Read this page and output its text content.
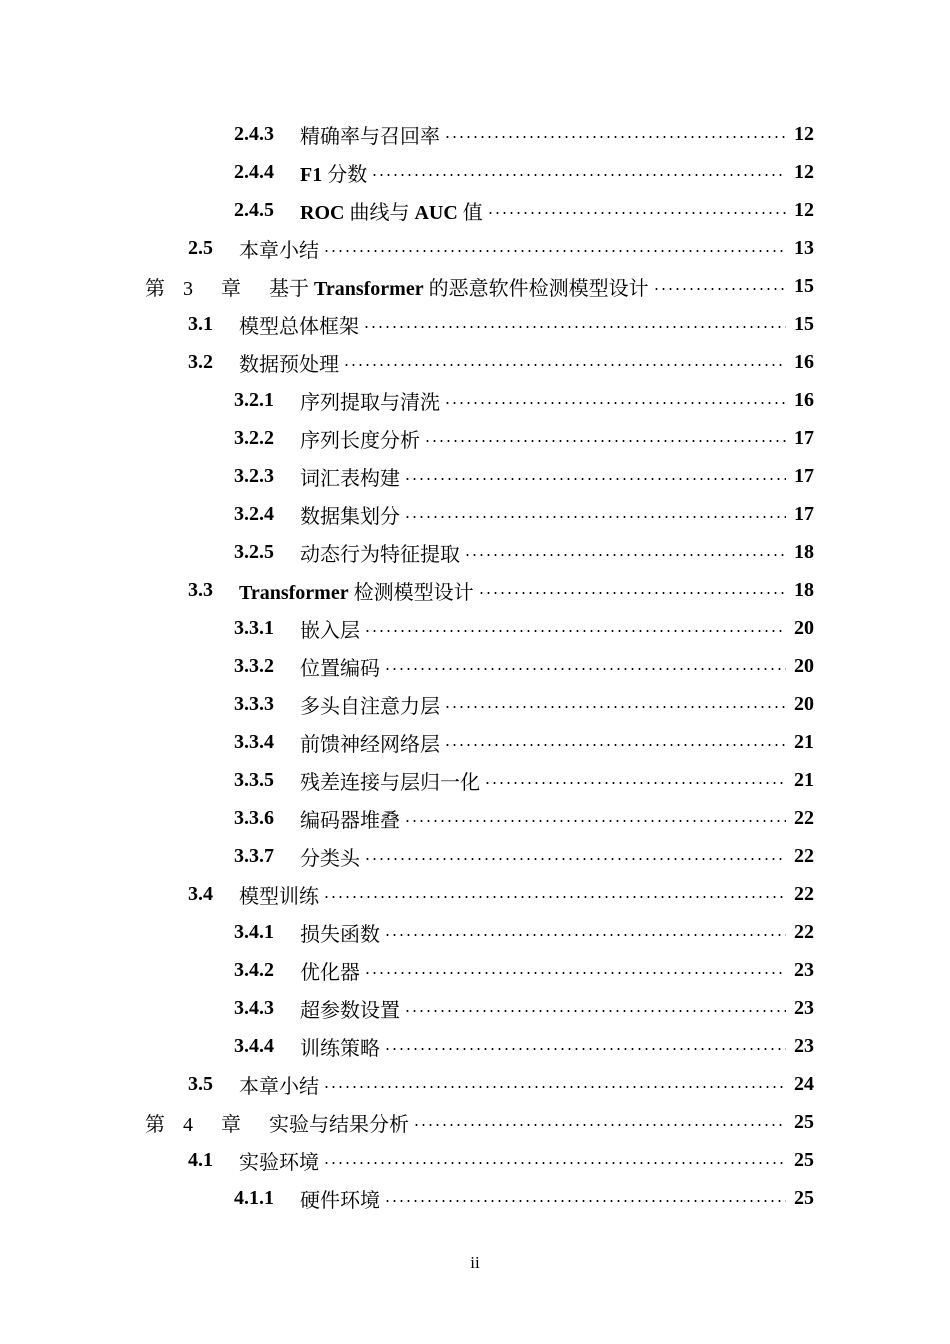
2.4.3	精确率与召回率	12
2.4.4	F1 分数	12
2.4.5	ROC 曲线与 AUC 值	12
2.5	本章小结	13
第 3 章	基于 Transformer 的恶意软件检测模型设计	15
3.1	模型总体框架	15
3.2	数据预处理	16
3.2.1	序列提取与清洗	16
3.2.2	序列长度分析	17
3.2.3	词汇表构建	17
3.2.4	数据集划分	17
3.2.5	动态行为特征提取	18
3.3	Transformer 检测模型设计	18
3.3.1	嵌入层	20
3.3.2	位置编码	20
3.3.3	多头自注意力层	20
3.3.4	前馈神经网络层	21
3.3.5	残差连接与层归一化	21
3.3.6	编码器堆叠	22
3.3.7	分类头	22
3.4	模型训练	22
3.4.1	损失函数	22
3.4.2	优化器	23
3.4.3	超参数设置	23
3.4.4	训练策略	23
3.5	本章小结	24
第 4 章	实验与结果分析	25
4.1	实验环境	25
4.1.1	硬件环境	25
ii
